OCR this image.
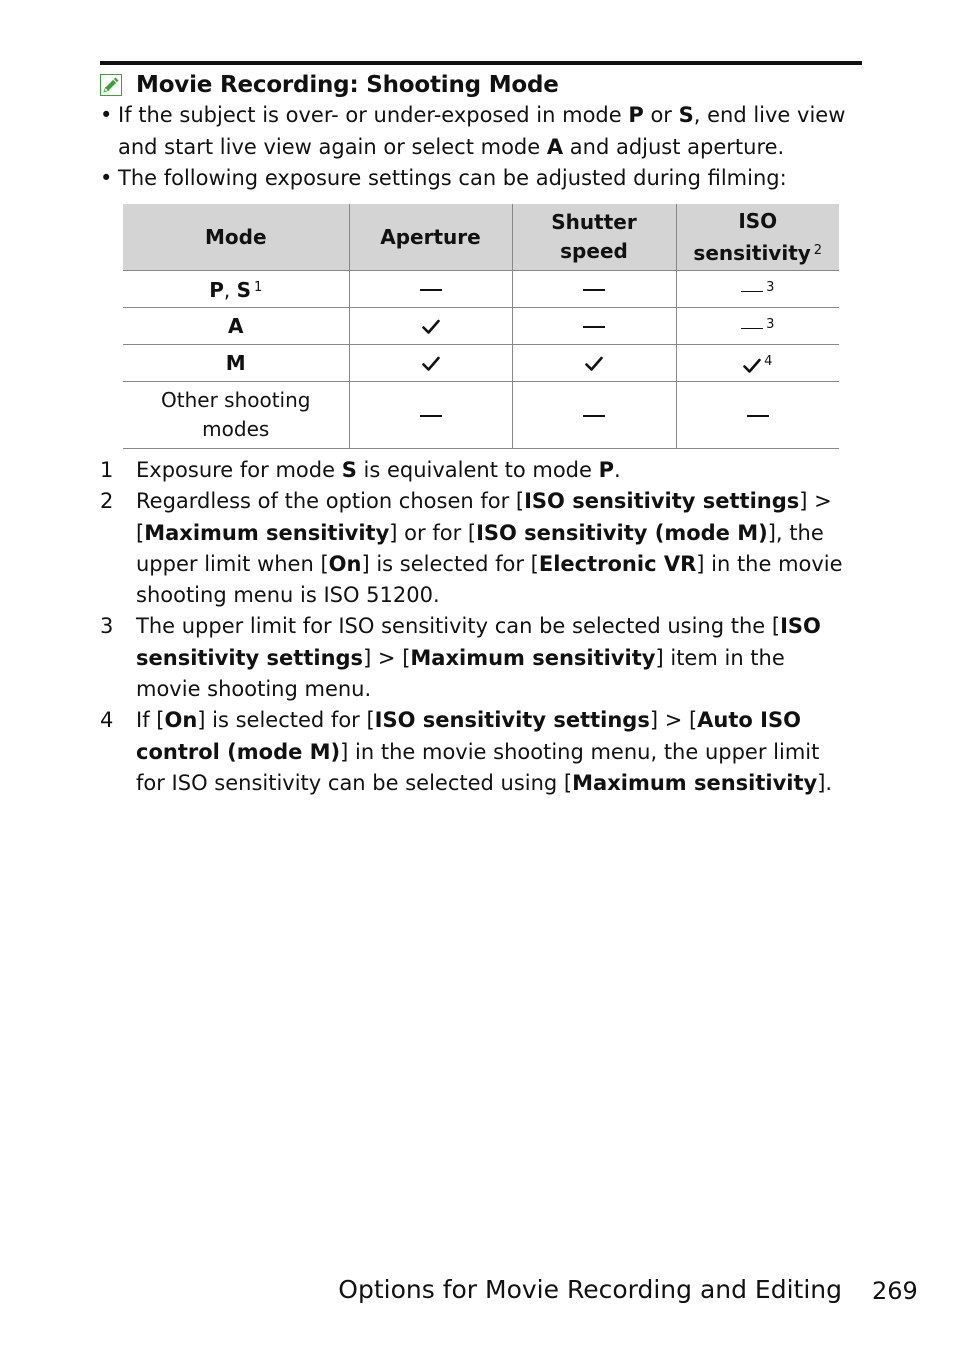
Movie Recording: Shooting Mode

• If the subject is over- or under-exposed in mode P or S, end live view and start live view again or select mode A and adjust aperture.

• The following exposure settings can be adjusted during filming:

Mode	Aperture	Shutter speed	ISO sensitivity $^2$
P, S $^1$			$^3$
A			$^3$
M			$^4$
Other shooting modes			

1	Exposure for mode S is equivalent to mode P.

2	Regardless of the option chosen for [ISO sensitivity settings] > [Maximum sensitivity] or for [ISO sensitivity (mode M)], the upper limit when [On] is selected for [Electronic VR] in the movie shooting menu is ISO 51200.

3	The upper limit for ISO sensitivity can be selected using the [ISO sensitivity settings] > [Maximum sensitivity] item in the movie shooting menu.

4	If [On] is selected for [ISO sensitivity settings] > [Auto ISO control (mode M)] in the movie shooting menu, the upper limit for ISO sensitivity can be selected using [Maximum sensitivity].

Options for Movie Recording and Editing 269
